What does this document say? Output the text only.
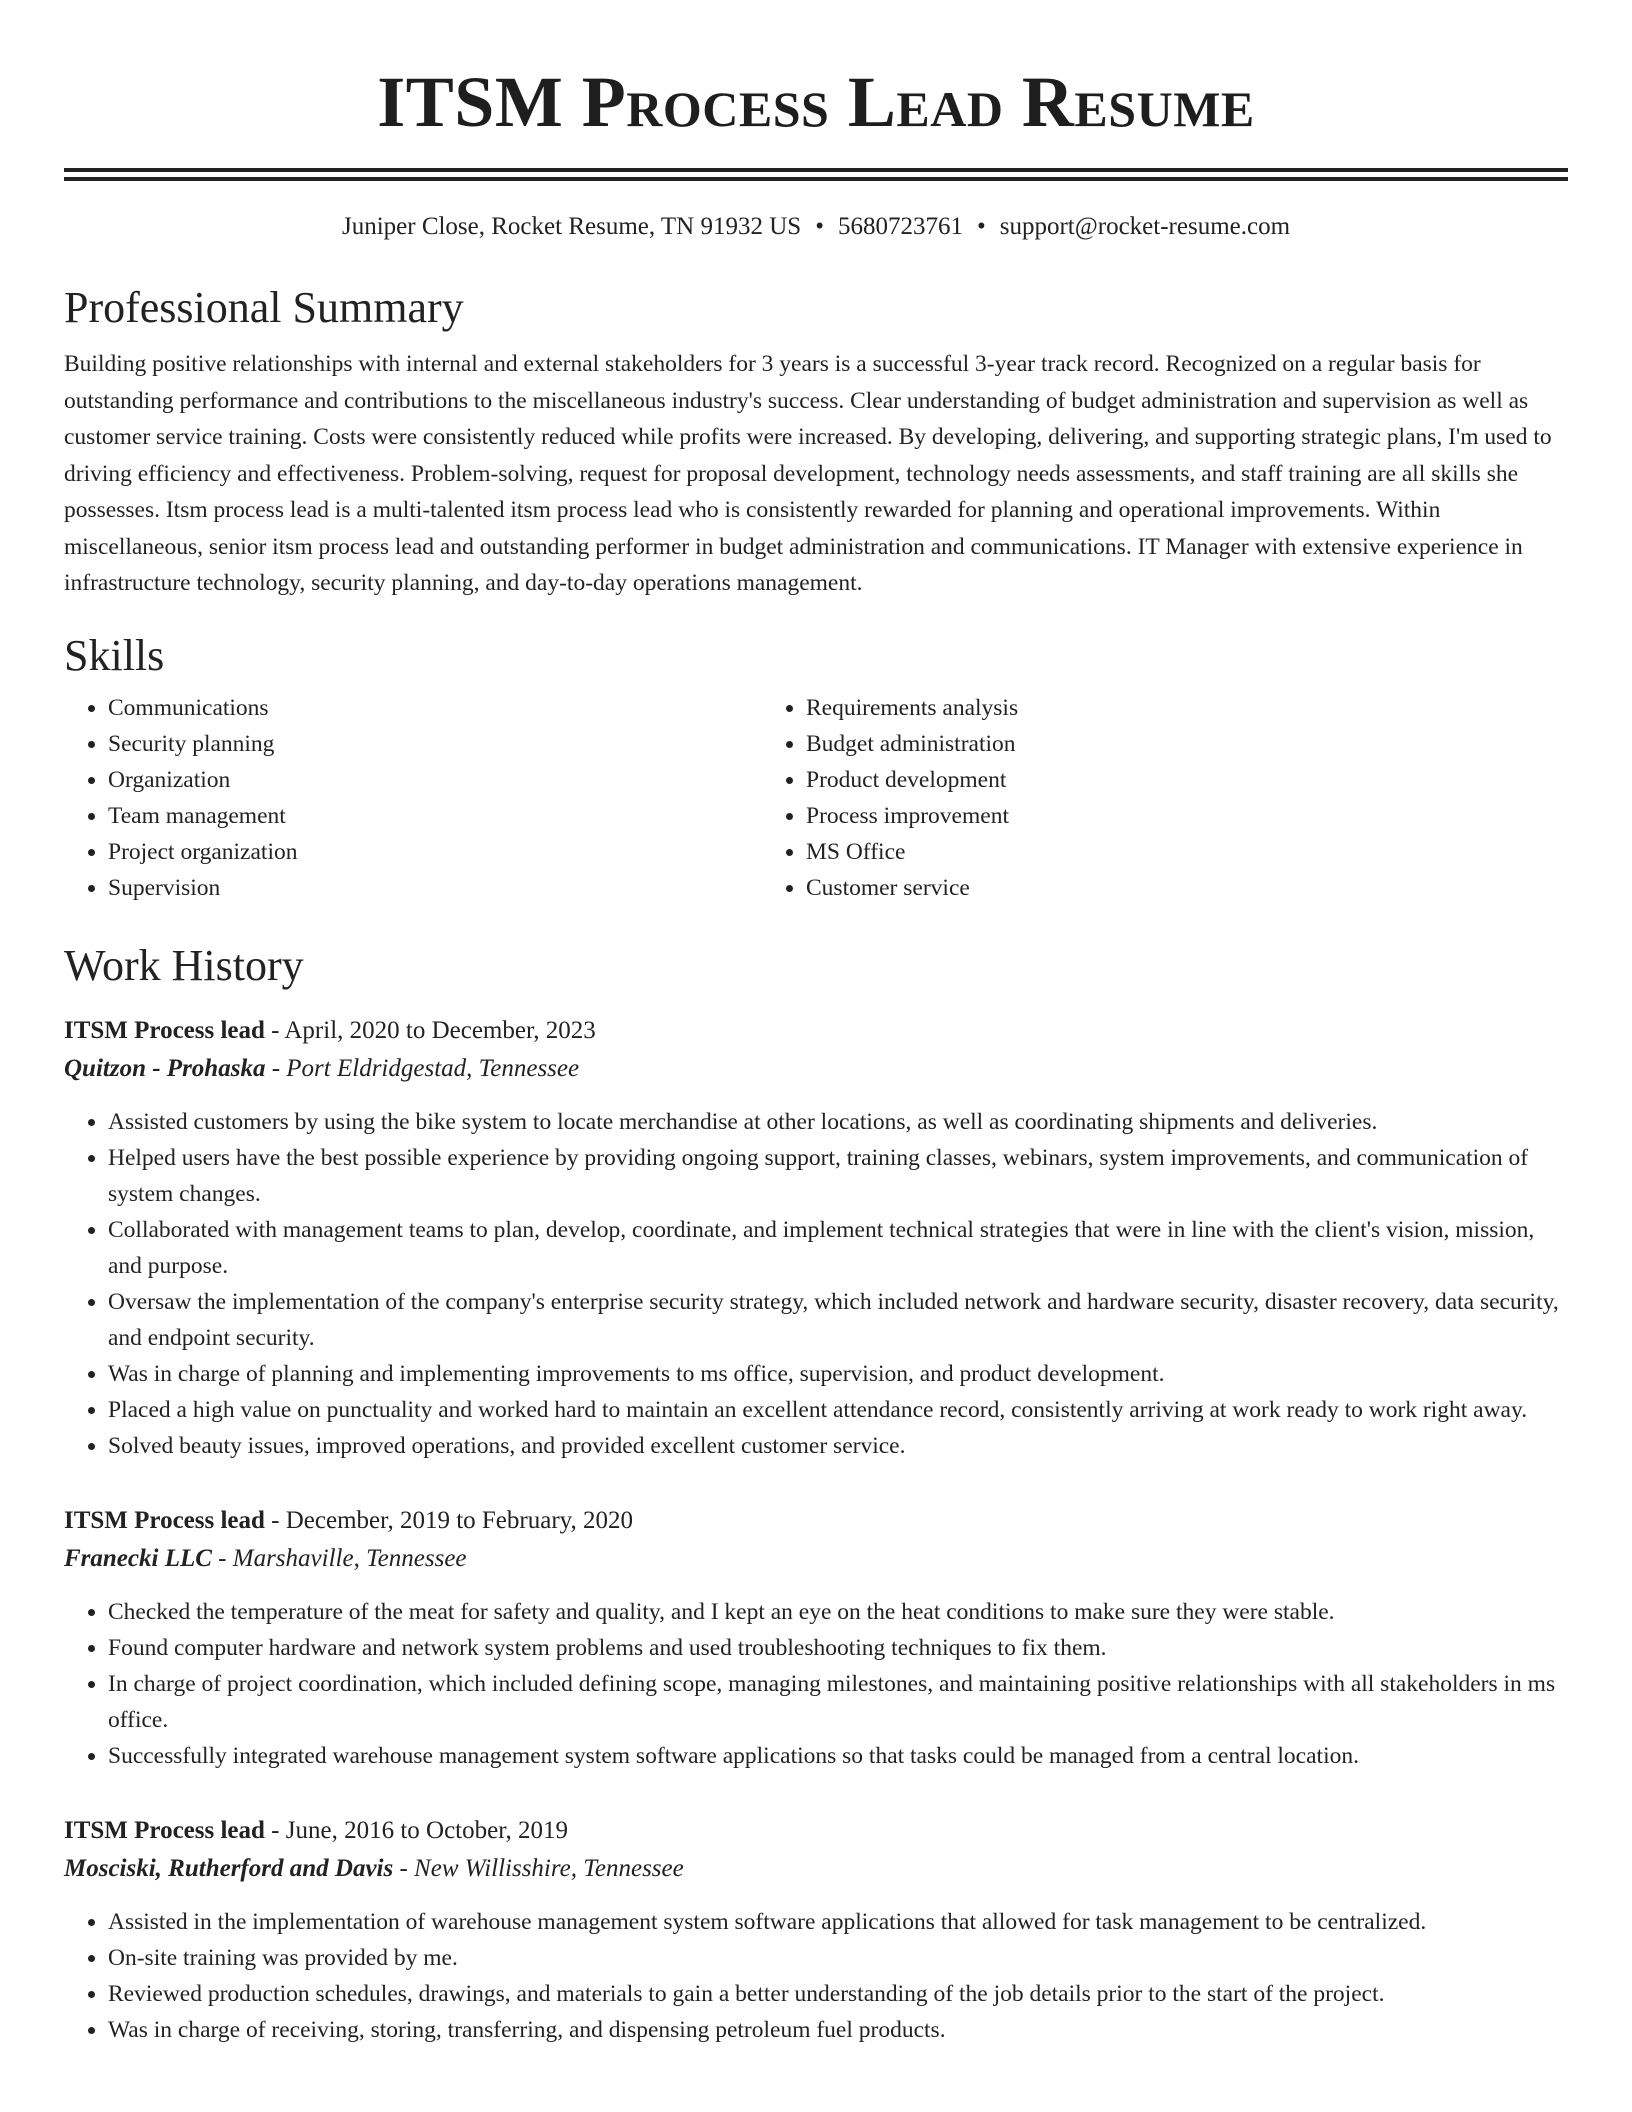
ITSM Process Lead Resume
Juniper Close, Rocket Resume, TN 91932 US • 5680723761 • support@rocket-resume.com
Professional Summary

Building positive relationships with internal and external stakeholders for 3 years is a successful 3-year track record. Recognized on a regular basis for outstanding performance and contributions to the miscellaneous industry's success. Clear understanding of budget administration and supervision as well as customer service training. Costs were consistently reduced while profits were increased. By developing, delivering, and supporting strategic plans, I'm used to driving efficiency and effectiveness. Problem-solving, request for proposal development, technology needs assessments, and staff training are all skills she possesses. Itsm process lead is a multi-talented itsm process lead who is consistently rewarded for planning and operational improvements. Within miscellaneous, senior itsm process lead and outstanding performer in budget administration and communications. IT Manager with extensive experience in infrastructure technology, security planning, and day-to-day operations management.

Skills
• Communications
• Security planning
• Organization
• Team management
• Project organization
• Supervision
• Requirements analysis
• Budget administration
• Product development
• Process improvement
• MS Office
• Customer service
Work History
ITSM Process lead - April, 2020 to December, 2023
Quitzon - Prohaska - Port Eldridgestad, Tennessee
• Assisted customers by using the bike system to locate merchandise at other locations, as well as coordinating shipments and deliveries.
• Helped users have the best possible experience by providing ongoing support, training classes, webinars, system improvements, and communication of system changes.
• Collaborated with management teams to plan, develop, coordinate, and implement technical strategies that were in line with the client's vision, mission, and purpose.
• Oversaw the implementation of the company's enterprise security strategy, which included network and hardware security, disaster recovery, data security, and endpoint security.
• Was in charge of planning and implementing improvements to ms office, supervision, and product development.
• Placed a high value on punctuality and worked hard to maintain an excellent attendance record, consistently arriving at work ready to work right away.
• Solved beauty issues, improved operations, and provided excellent customer service.
ITSM Process lead - December, 2019 to February, 2020
Franecki LLC - Marshaville, Tennessee
• Checked the temperature of the meat for safety and quality, and I kept an eye on the heat conditions to make sure they were stable.
• Found computer hardware and network system problems and used troubleshooting techniques to fix them.
• In charge of project coordination, which included defining scope, managing milestones, and maintaining positive relationships with all stakeholders in ms office.
• Successfully integrated warehouse management system software applications so that tasks could be managed from a central location.
ITSM Process lead - June, 2016 to October, 2019
Mosciski, Rutherford and Davis - New Willisshire, Tennessee
• Assisted in the implementation of warehouse management system software applications that allowed for task management to be centralized.
• On-site training was provided by me.
• Reviewed production schedules, drawings, and materials to gain a better understanding of the job details prior to the start of the project.
• Was in charge of receiving, storing, transferring, and dispensing petroleum fuel products.
